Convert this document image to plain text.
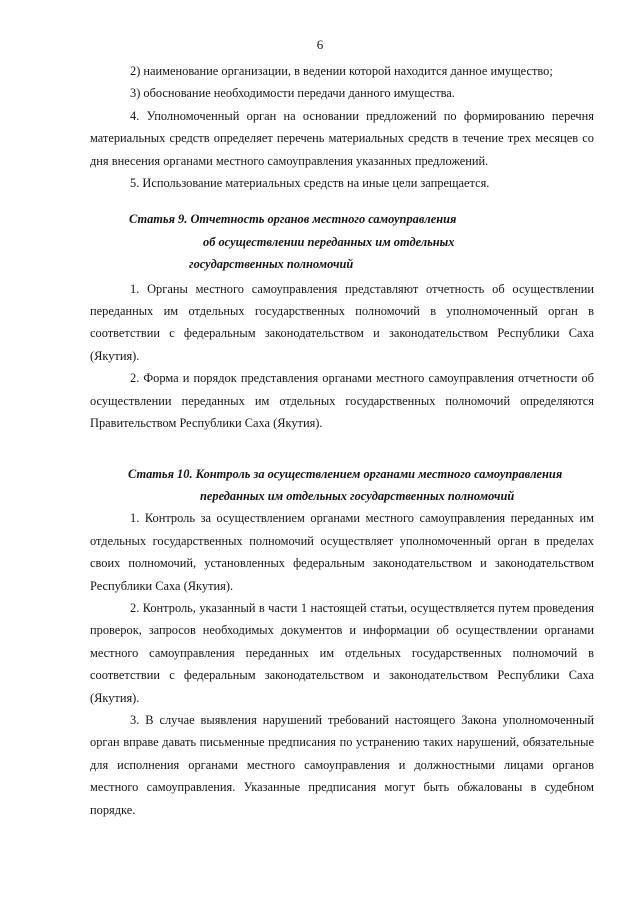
6

2) наименование организации, в ведении которой находится данное имущество;

3) обоснование необходимости передачи данного имущества.

4. Уполномоченный орган на основании предложений по формированию перечня материальных средств определяет перечень материальных средств в течение трех месяцев со дня внесения органами местного самоуправления указанных предложений.

5. Использование материальных средств на иные цели запрещается.

Статья 9. Отчетность органов местного самоуправления
об осуществлении переданных им отдельных
государственных полномочий

1. Органы местного самоуправления представляют отчетность об осуществлении переданных им отдельных государственных полномочий в уполномоченный орган в соответствии с федеральным законодательством и законодательством Республики Саха (Якутия).

2. Форма и порядок представления органами местного самоуправления отчетности об осуществлении переданных им отдельных государственных полномочий определяются Правительством Республики Саха (Якутия).

Статья 10. Контроль за осуществлением органами местного самоуправления
переданных им отдельных государственных полномочий

1. Контроль за осуществлением органами местного самоуправления переданных им отдельных государственных полномочий осуществляет уполномоченный орган в пределах своих полномочий, установленных федеральным законодательством и законодательством Республики Саха (Якутия).

2. Контроль, указанный в части 1 настоящей статьи, осуществляется путем проведения проверок, запросов необходимых документов и информации об осуществлении органами местного самоуправления переданных им отдельных государственных полномочий в соответствии с федеральным законодательством и законодательством Республики Саха (Якутия).

3. В случае выявления нарушений требований настоящего Закона уполномоченный орган вправе давать письменные предписания по устранению таких нарушений, обязательные для исполнения органами местного самоуправления и должностными лицами органов местного самоуправления. Указанные предписания могут быть обжалованы в судебном порядке.
